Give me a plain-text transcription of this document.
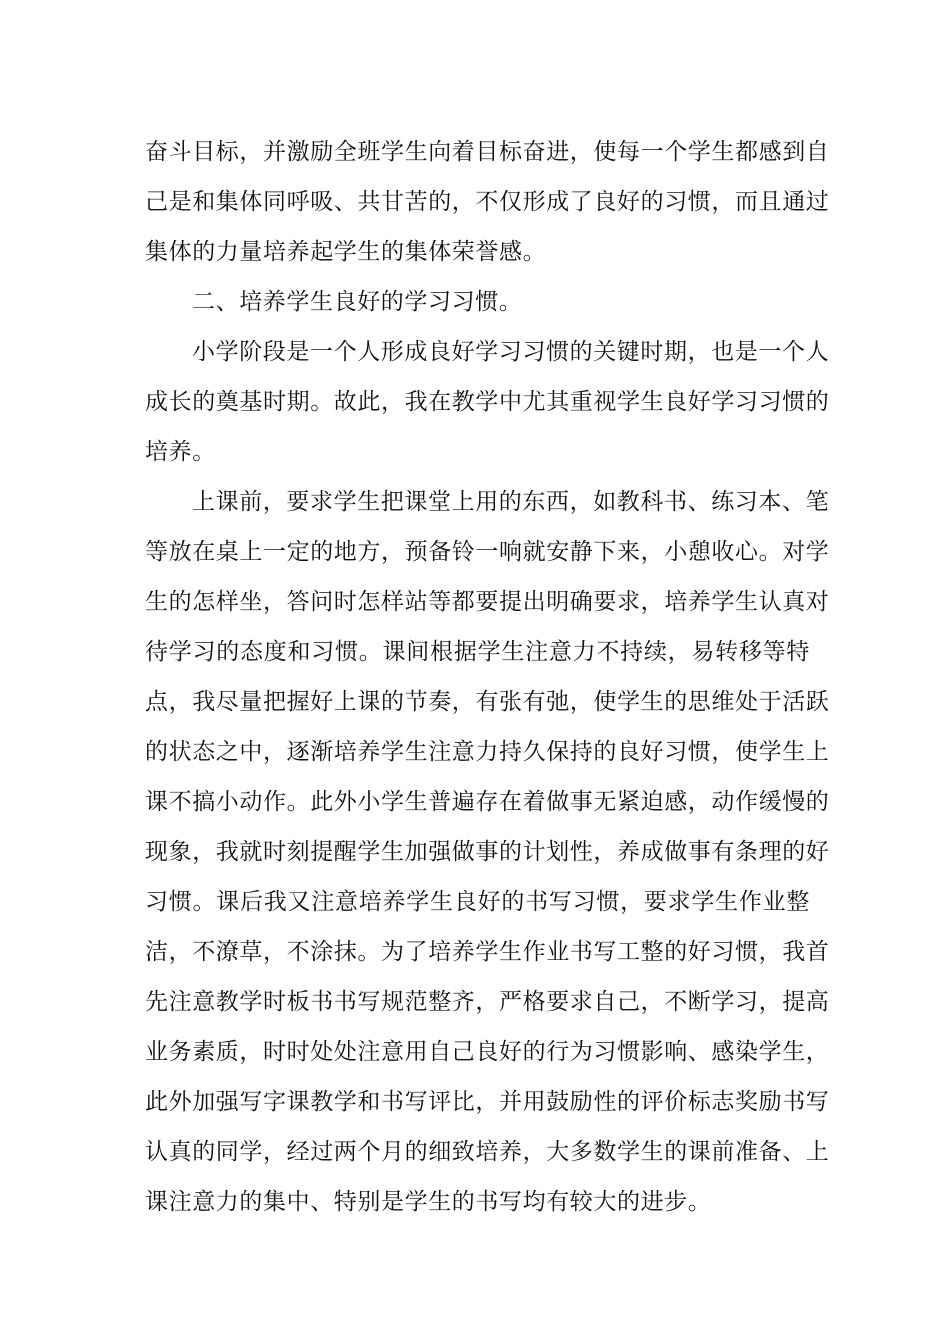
奋斗目标，并激励全班学生向着目标奋进，使每一个学生都感到自
己是和集体同呼吸、共甘苦的，不仅形成了良好的习惯，而且通过
集体的力量培养起学生的集体荣誉感。
二、培养学生良好的学习习惯。
小学阶段是一个人形成良好学习习惯的关键时期，也是一个人
成长的奠基时期。故此，我在教学中尤其重视学生良好学习习惯的
培养。
上课前，要求学生把课堂上用的东西，如教科书、练习本、笔
等放在桌上一定的地方，预备铃一响就安静下来，小憩收心。对学
生的怎样坐，答问时怎样站等都要提出明确要求，培养学生认真对
待学习的态度和习惯。课间根据学生注意力不持续，易转移等特
点，我尽量把握好上课的节奏，有张有弛，使学生的思维处于活跃
的状态之中，逐渐培养学生注意力持久保持的良好习惯，使学生上
课不搞小动作。此外小学生普遍存在着做事无紧迫感，动作缓慢的
现象，我就时刻提醒学生加强做事的计划性，养成做事有条理的好
习惯。课后我又注意培养学生良好的书写习惯，要求学生作业整
洁，不潦草，不涂抹。为了培养学生作业书写工整的好习惯，我首
先注意教学时板书书写规范整齐，严格要求自己，不断学习，提高
业务素质，时时处处注意用自己良好的行为习惯影响、感染学生，
此外加强写字课教学和书写评比，并用鼓励性的评价标志奖励书写
认真的同学，经过两个月的细致培养，大多数学生的课前准备、上
课注意力的集中、特别是学生的书写均有较大的进步。
